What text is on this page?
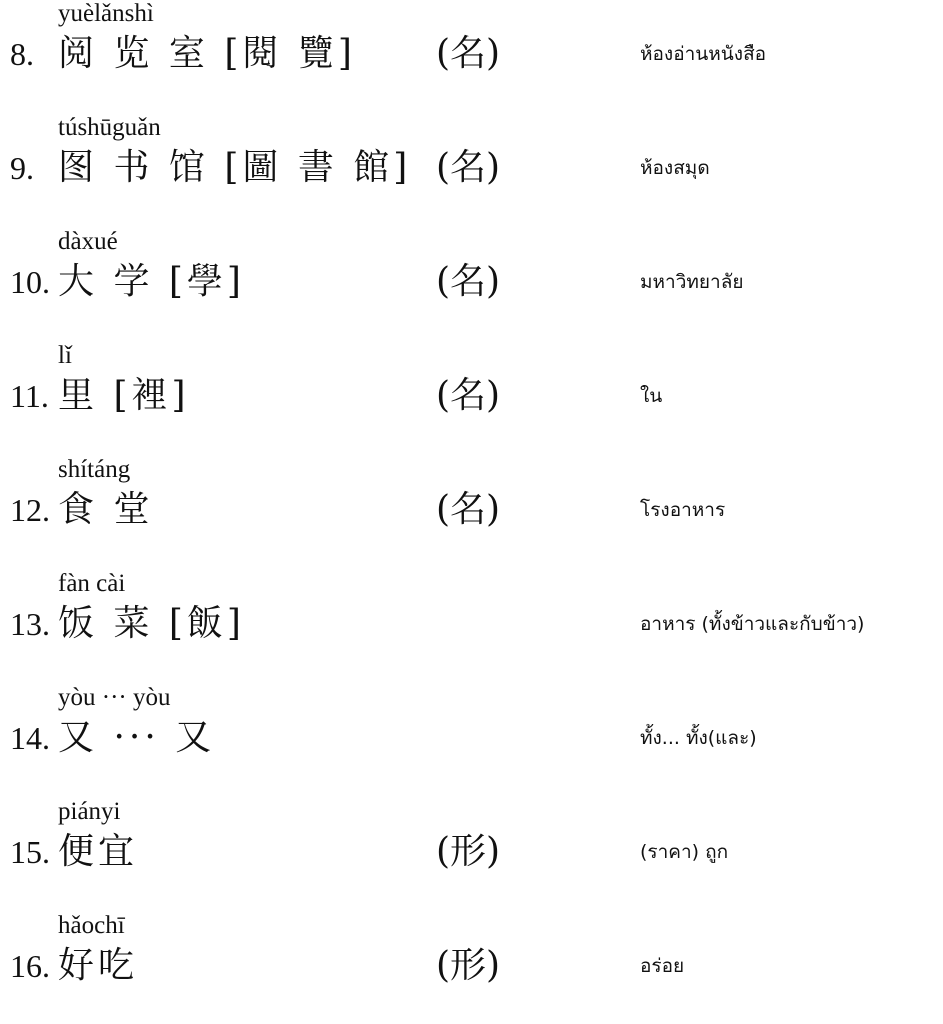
yuèlǎnshì
8. 阅 览 室 [閱 覽] (名)	ห้องอ่านหนังสือ
túshūguǎn
9. 图 书 馆 [圖 書 館] (名)	ห้องสมุด
dàxué
10. 大 学 [學]	(名)	มหาวิทยาลัย
lǐ
11. 里 [裡]	(名)	ใน
shítáng
12. 食 堂	(名)	โรงอาหาร
fàn cài
13. 饭 菜 [飯]	อาหาร (ทั้งข้าวและกับข้าว)
yòu ··· yòu
14. 又 ··· 又	ทั้ง... ทั้ง(และ)
piányi
15. 便宜	(形)	(ราคา) ถูก
hǎochī
16. 好吃	(形)	อร่อย
